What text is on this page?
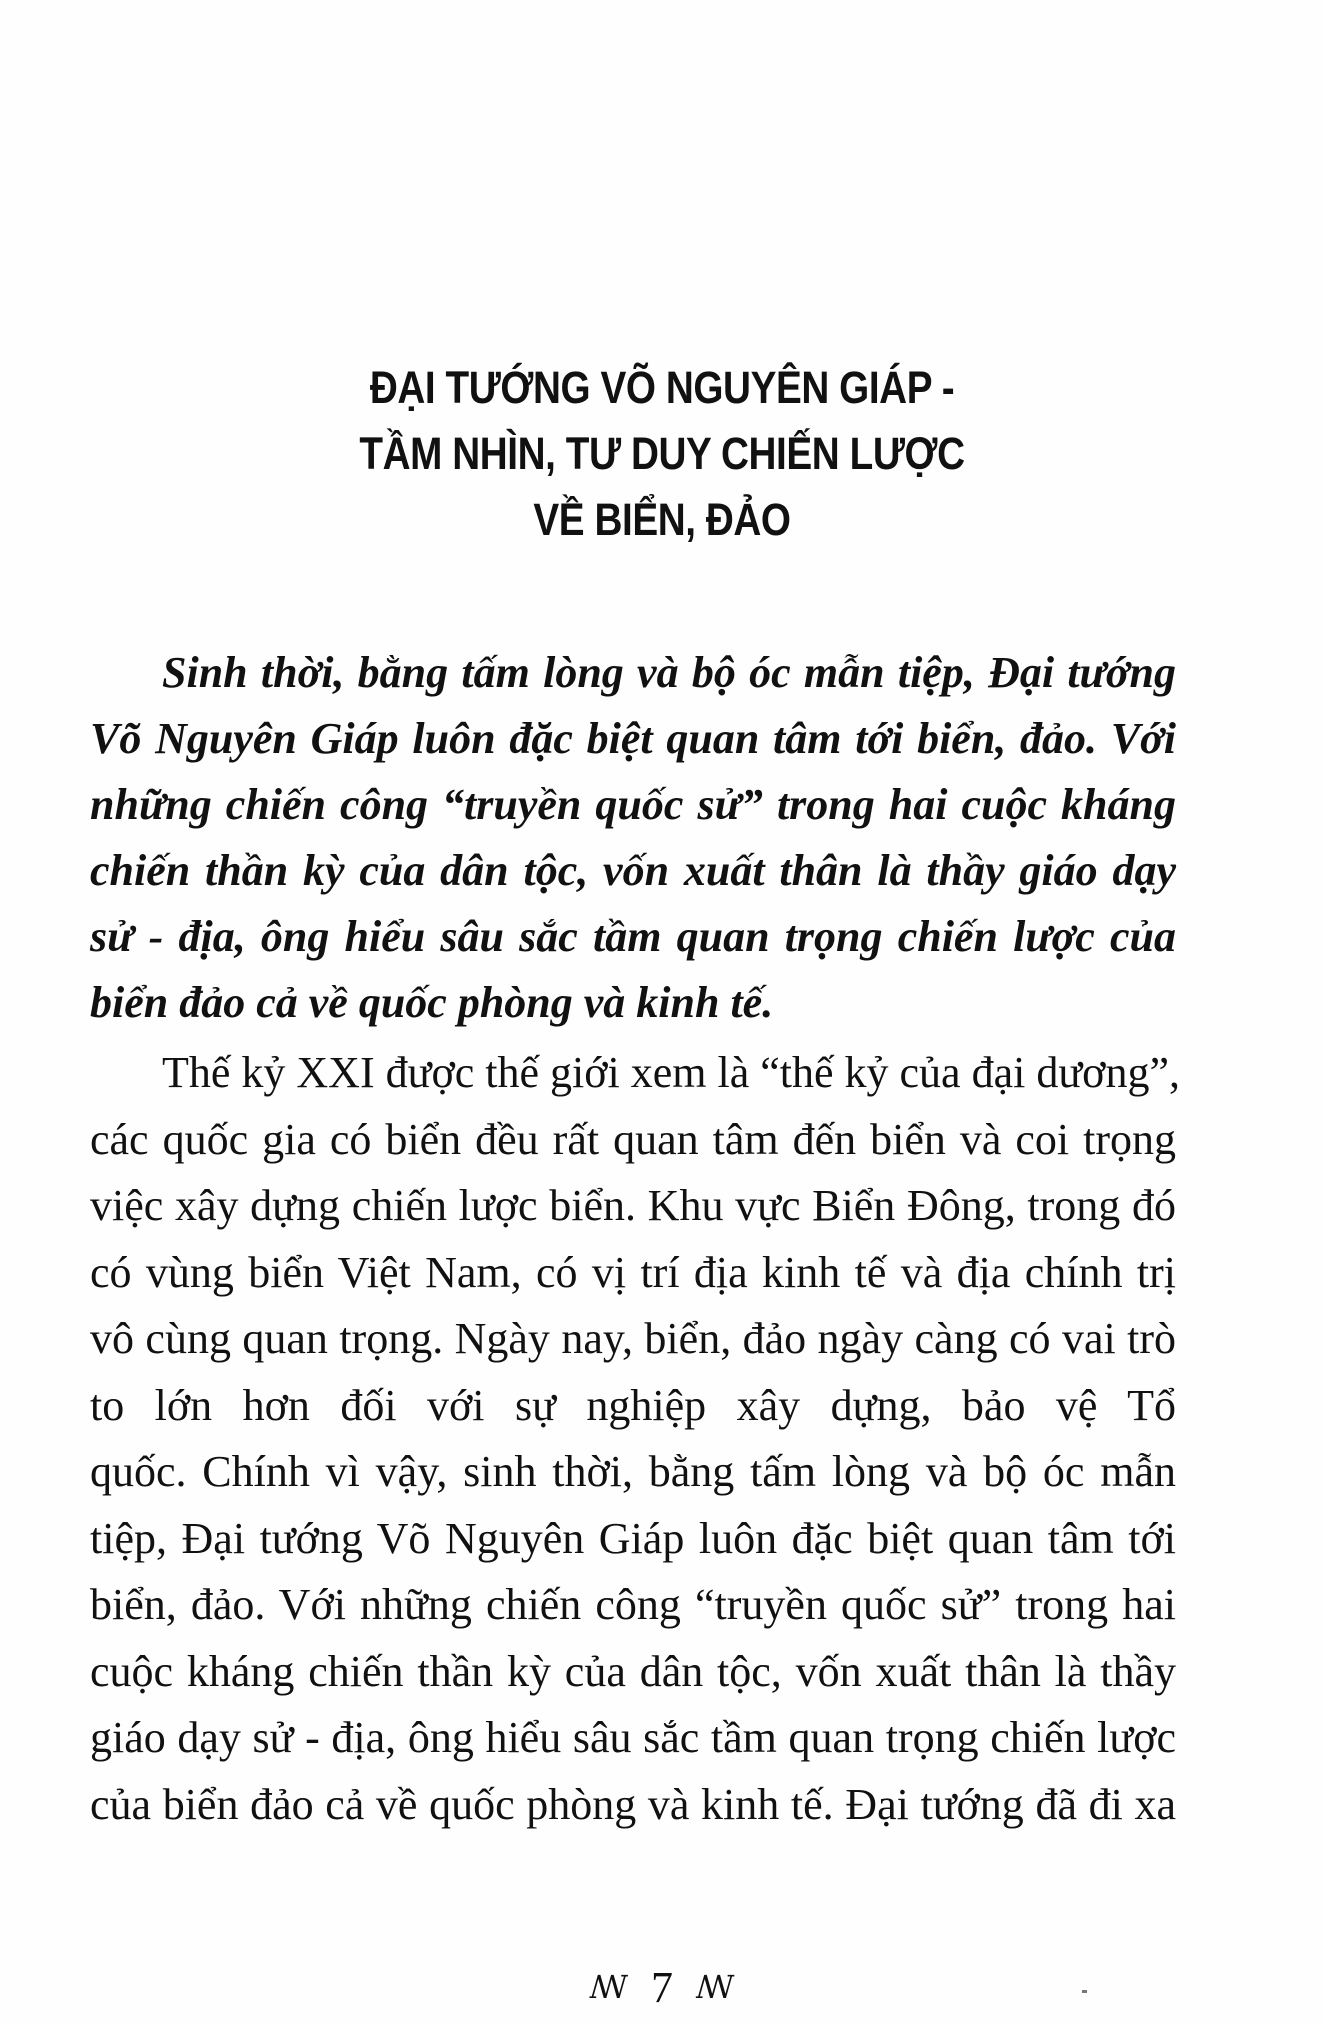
ĐẠI TƯỚNG VÕ NGUYÊN GIÁP -
TẦM NHÌN, TƯ DUY CHIẾN LƯỢC
VỀ BIỂN, ĐẢO
Sinh thời, bằng tấm lòng và bộ óc mẫn tiệp, Đại tướng
Võ Nguyên Giáp luôn đặc biệt quan tâm tới biển, đảo. Với
những chiến công “truyền quốc sử” trong hai cuộc kháng
chiến thần kỳ của dân tộc, vốn xuất thân là thầy giáo dạy
sử - địa, ông hiểu sâu sắc tầm quan trọng chiến lược của
biển đảo cả về quốc phòng và kinh tế.
Thế kỷ XXI được thế giới xem là “thế kỷ của đại dương”,
các quốc gia có biển đều rất quan tâm đến biển và coi trọng
việc xây dựng chiến lược biển. Khu vực Biển Đông, trong đó
có vùng biển Việt Nam, có vị trí địa kinh tế và địa chính trị
vô cùng quan trọng. Ngày nay, biển, đảo ngày càng có vai trò
to lớn hơn đối với sự nghiệp xây dựng, bảo vệ Tổ
quốc. Chính vì vậy, sinh thời, bằng tấm lòng và bộ óc mẫn
tiệp, Đại tướng Võ Nguyên Giáp luôn đặc biệt quan tâm tới
biển, đảo. Với những chiến công “truyền quốc sử” trong hai
cuộc kháng chiến thần kỳ của dân tộc, vốn xuất thân là thầy
giáo dạy sử - địa, ông hiểu sâu sắc tầm quan trọng chiến lược
của biển đảo cả về quốc phòng và kinh tế. Đại tướng đã đi xa
ꟿ 7 ꟿ
